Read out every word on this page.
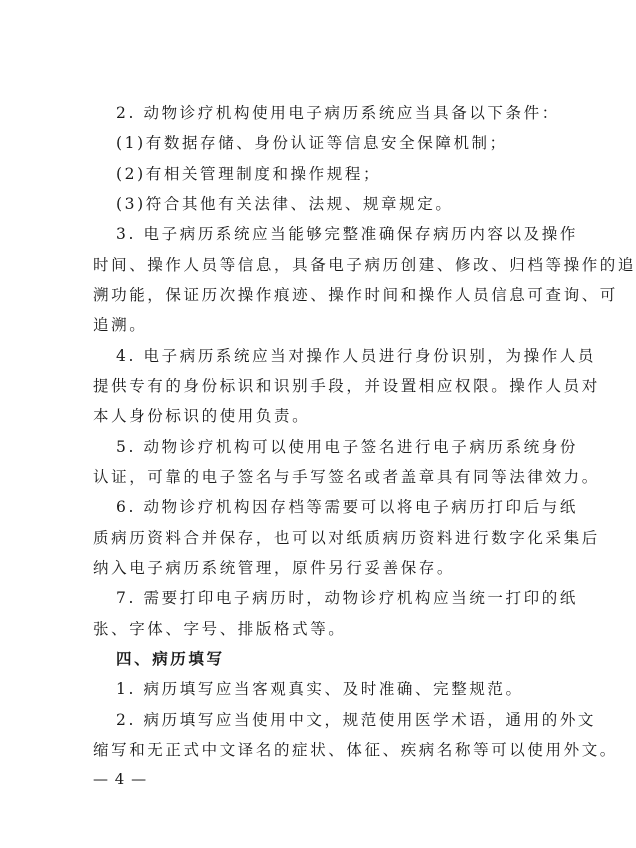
2. 动物诊疗机构使用电子病历系统应当具备以下条件：
(1)有数据存储、身份认证等信息安全保障机制；
(2)有相关管理制度和操作规程；
(3)符合其他有关法律、法规、规章规定。
3. 电子病历系统应当能够完整准确保存病历内容以及操作
时间、操作人员等信息，具备电子病历创建、修改、归档等操作的追
溯功能，保证历次操作痕迹、操作时间和操作人员信息可查询、可
追溯。
4. 电子病历系统应当对操作人员进行身份识别，为操作人员
提供专有的身份标识和识别手段，并设置相应权限。操作人员对
本人身份标识的使用负责。
5. 动物诊疗机构可以使用电子签名进行电子病历系统身份
认证，可靠的电子签名与手写签名或者盖章具有同等法律效力。
6. 动物诊疗机构因存档等需要可以将电子病历打印后与纸
质病历资料合并保存，也可以对纸质病历资料进行数字化采集后
纳入电子病历系统管理，原件另行妥善保存。
7. 需要打印电子病历时，动物诊疗机构应当统一打印的纸
张、字体、字号、排版格式等。
四、病历填写
1. 病历填写应当客观真实、及时准确、完整规范。
2. 病历填写应当使用中文，规范使用医学术语，通用的外文
缩写和无正式中文译名的症状、体征、疾病名称等可以使用外文。
— 4 —
